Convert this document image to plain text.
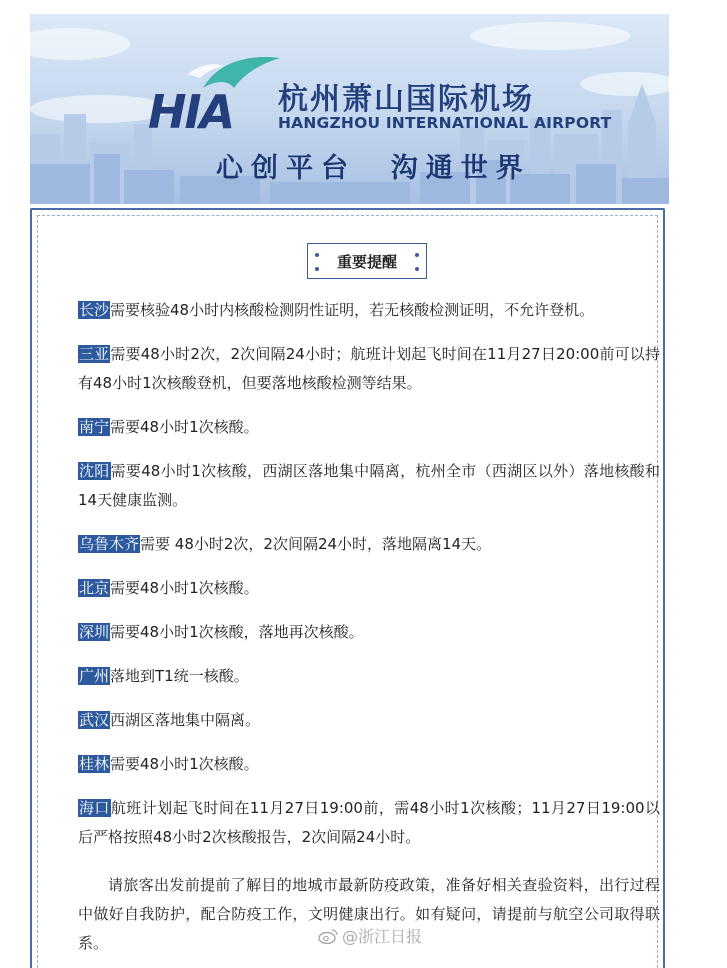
HIA 杭州萧山国际机场
HANGZHOU INTERNATIONAL AIRPORT
心创平台  沟通世界
重要提醒

长沙需要核验48小时内核酸检测阴性证明，若无核酸检测证明，不允许登机。

三亚需要48小时2次，2次间隔24小时；航班计划起飞时间在11月27日20:00前可以持有48小时1次核酸登机，但要落地核酸检测等结果。

南宁需要48小时1次核酸。

沈阳需要48小时1次核酸，西湖区落地集中隔离，杭州全市（西湖区以外）落地核酸和14天健康监测。

乌鲁木齐需要 48小时2次，2次间隔24小时，落地隔离14天。

北京需要48小时1次核酸。

深圳需要48小时1次核酸，落地再次核酸。

广州落地到T1统一核酸。

武汉西湖区落地集中隔离。

桂林需要48小时1次核酸。

海口航班计划起飞时间在11月27日19:00前，需48小时1次核酸；11月27日19:00以后严格按照48小时2次核酸报告，2次间隔24小时。

请旅客出发前提前了解目的地城市最新防疫政策，准备好相关查验资料，出行过程中做好自我防护，配合防疫工作，文明健康出行。如有疑问，请提前与航空公司取得联系。	@浙江日报
